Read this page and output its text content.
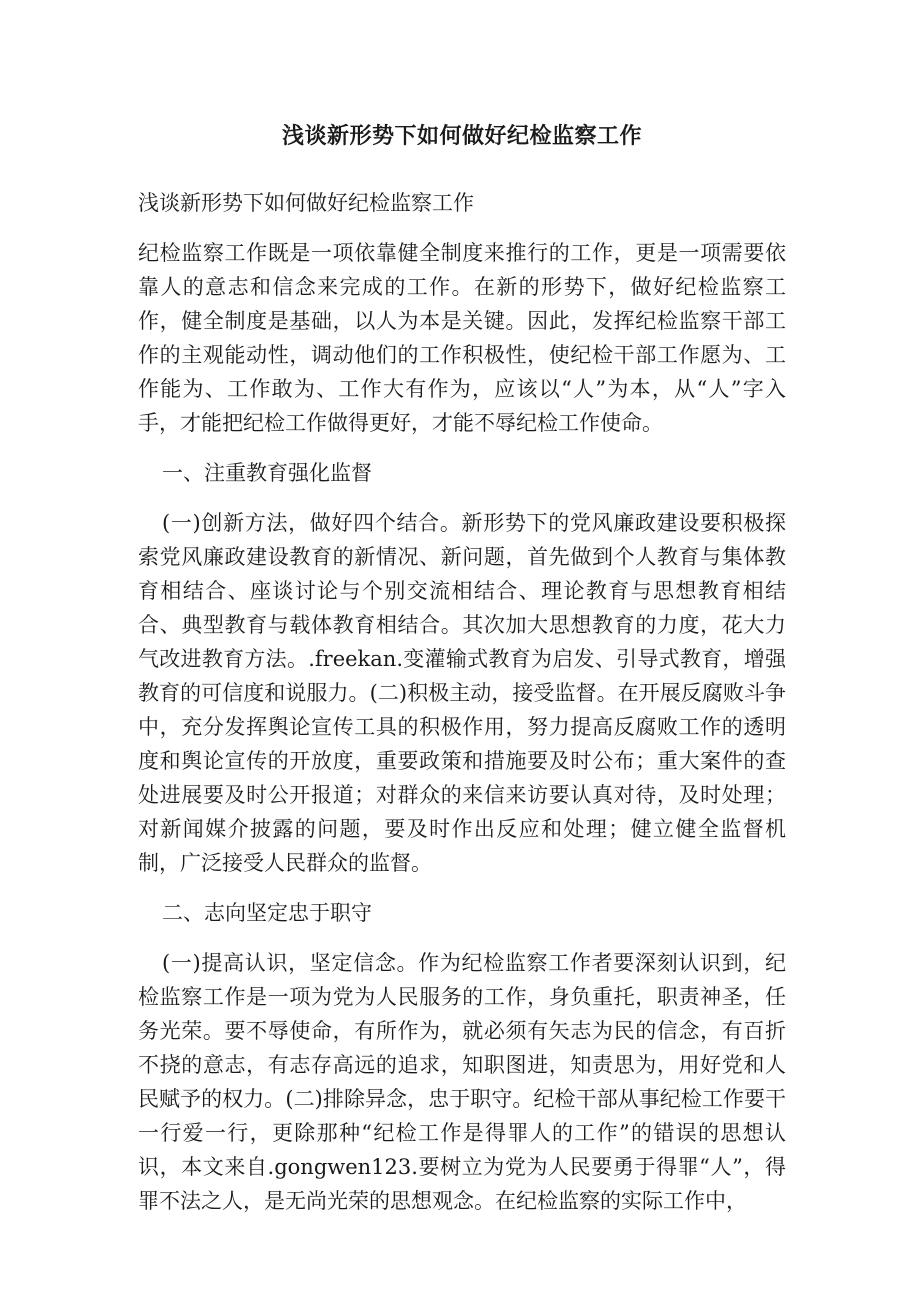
浅谈新形势下如何做好纪检监察工作
浅谈新形势下如何做好纪检监察工作
纪检监察工作既是一项依靠健全制度来推行的工作，更是一项需要依靠人的意志和信念来完成的工作。在新的形势下，做好纪检监察工作，健全制度是基础，以人为本是关键。因此，发挥纪检监察干部工作的主观能动性，调动他们的工作积极性，使纪检干部工作愿为、工作能为、工作敢为、工作大有作为，应该以“人”为本，从“人”字入手，才能把纪检工作做得更好，才能不辱纪检工作使命。
一、注重教育强化监督
(一)创新方法，做好四个结合。新形势下的党风廉政建设要积极探索党风廉政建设教育的新情况、新问题，首先做到个人教育与集体教育相结合、座谈讨论与个别交流相结合、理论教育与思想教育相结合、典型教育与载体教育相结合。其次加大思想教育的力度，花大力气改进教育方法。.freekan.变灌输式教育为启发、引导式教育，增强教育的可信度和说服力。(二)积极主动，接受监督。在开展反腐败斗争中，充分发挥舆论宣传工具的积极作用，努力提高反腐败工作的透明度和舆论宣传的开放度，重要政策和措施要及时公布；重大案件的查处进展要及时公开报道；对群众的来信来访要认真对待，及时处理；对新闻媒介披露的问题，要及时作出反应和处理；健立健全监督机制，广泛接受人民群众的监督。
二、志向坚定忠于职守
(一)提高认识，坚定信念。作为纪检监察工作者要深刻认识到，纪检监察工作是一项为党为人民服务的工作，身负重托，职责神圣，任务光荣。要不辱使命，有所作为，就必须有矢志为民的信念，有百折不挠的意志，有志存高远的追求，知职图进，知责思为，用好党和人民赋予的权力。(二)排除异念，忠于职守。纪检干部从事纪检工作要干一行爱一行，更除那种“纪检工作是得罪人的工作”的错误的思想认识，本文来自.gongwen123.要树立为党为人民要勇于得罪“人”，得罪不法之人，是无尚光荣的思想观念。在纪检监察的实际工作中，
